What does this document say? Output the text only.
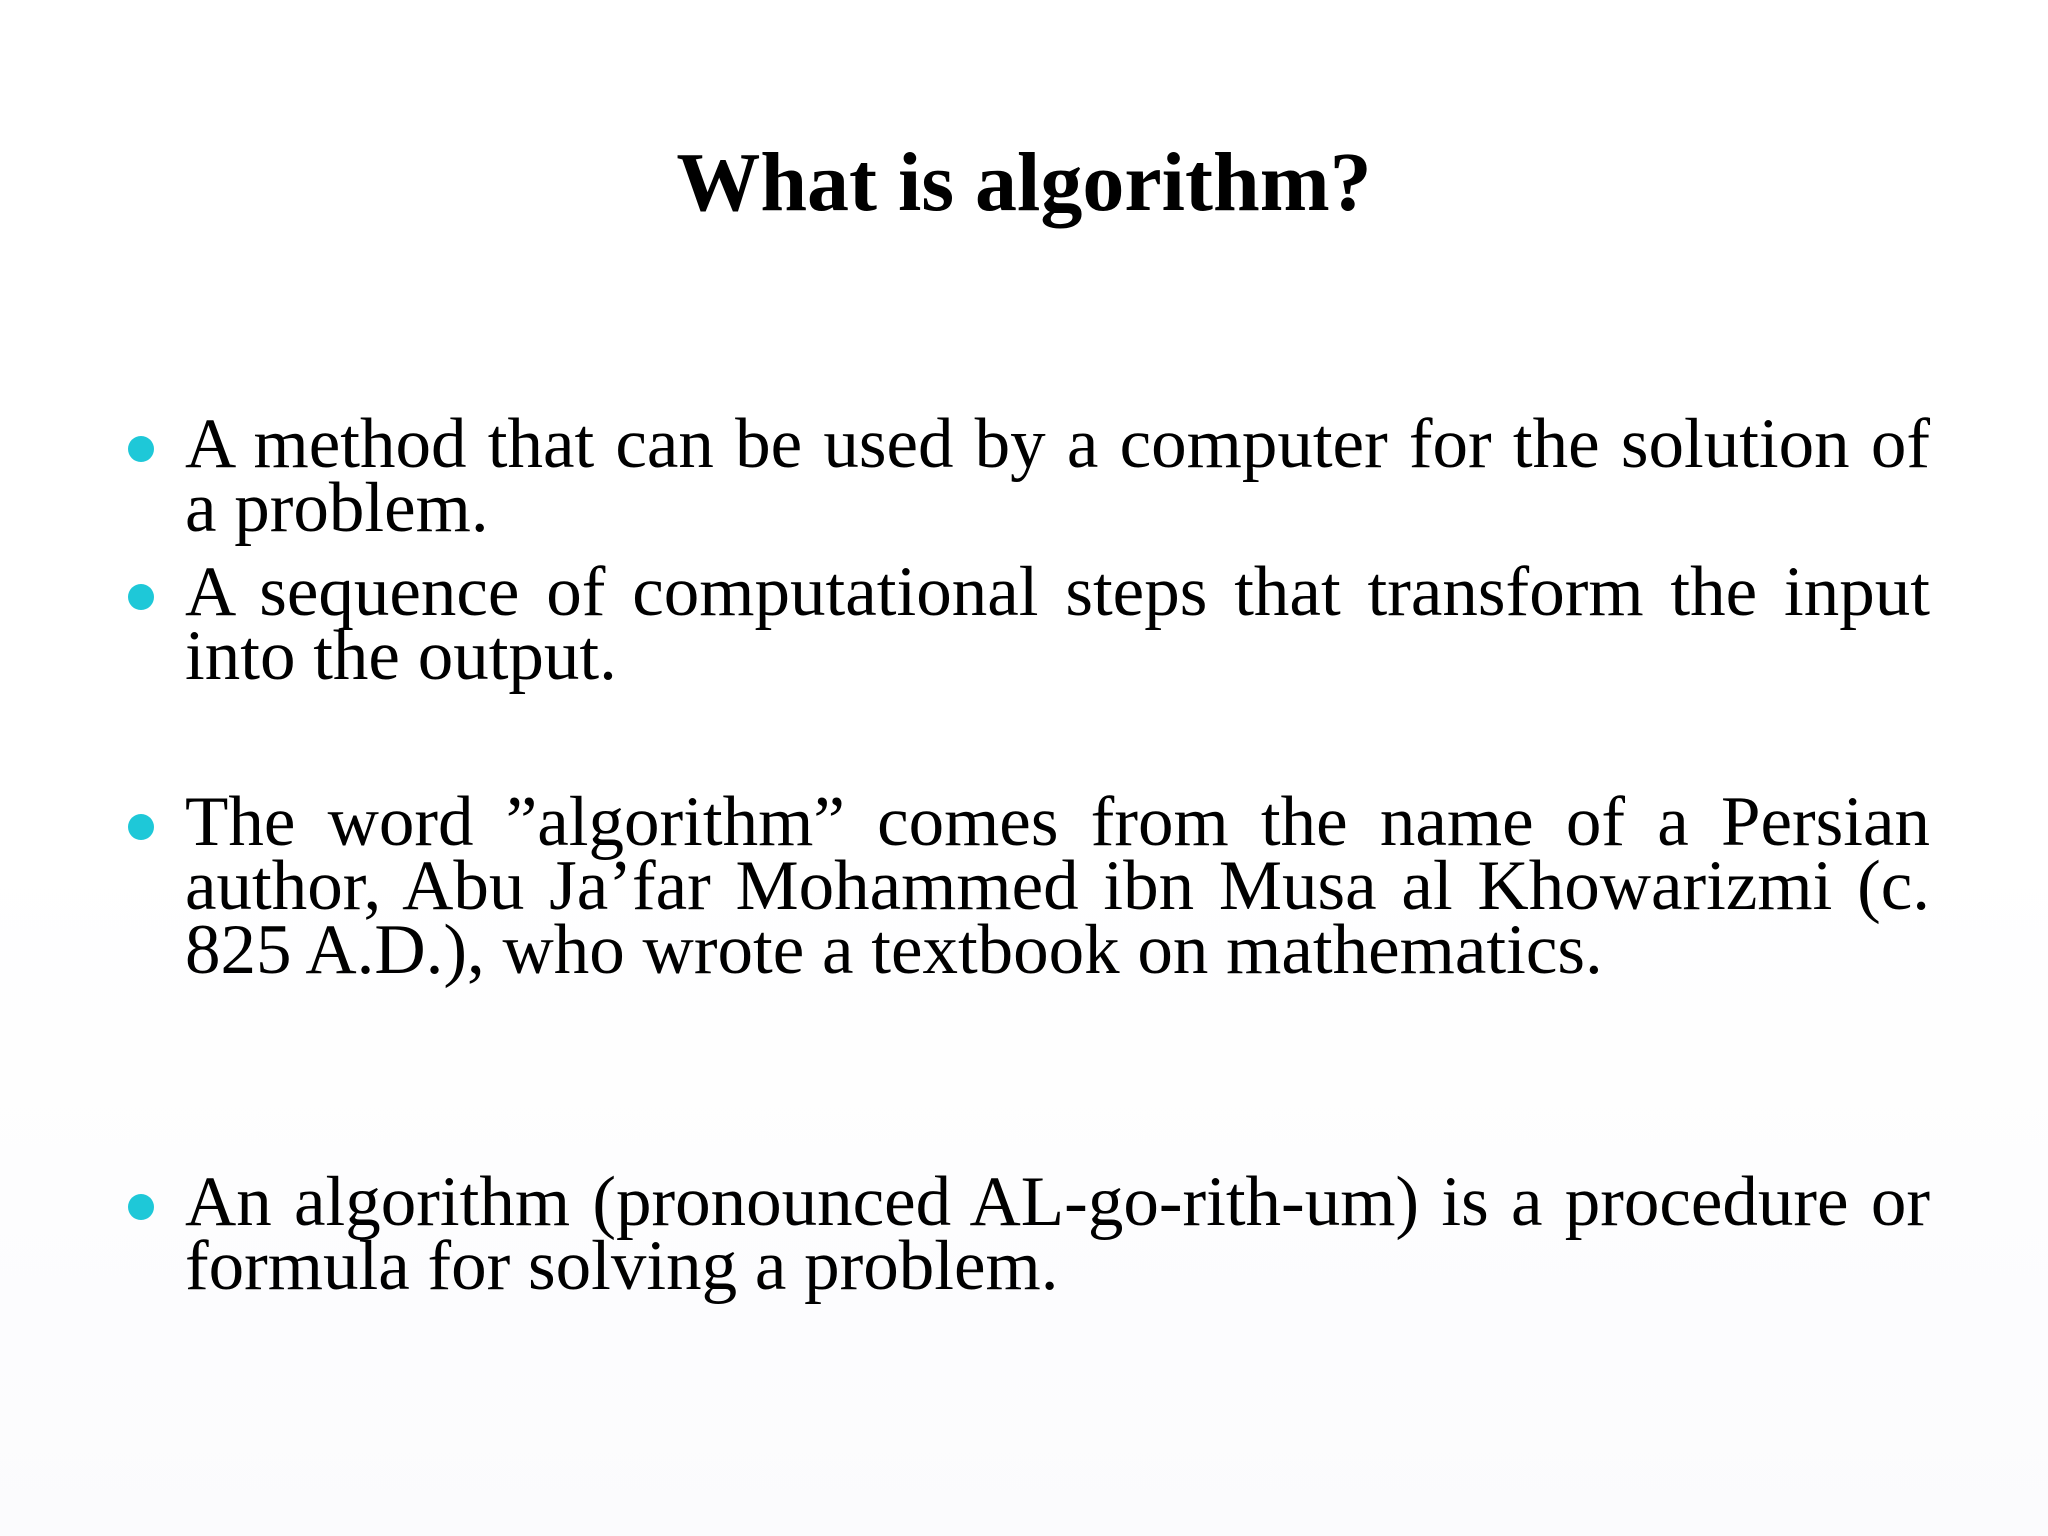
What is algorithm?
A method that can be used by a computer for the solution of a problem.
A sequence of computational steps that transform the input into the output.
The word ”algorithm” comes from the name of a Persian author, Abu Ja’far Mohammed ibn Musa al Khowarizmi (c. 825 A.D.), who wrote a textbook on mathematics.
An algorithm (pronounced AL-go-rith-um) is a procedure or formula for solving a problem.
